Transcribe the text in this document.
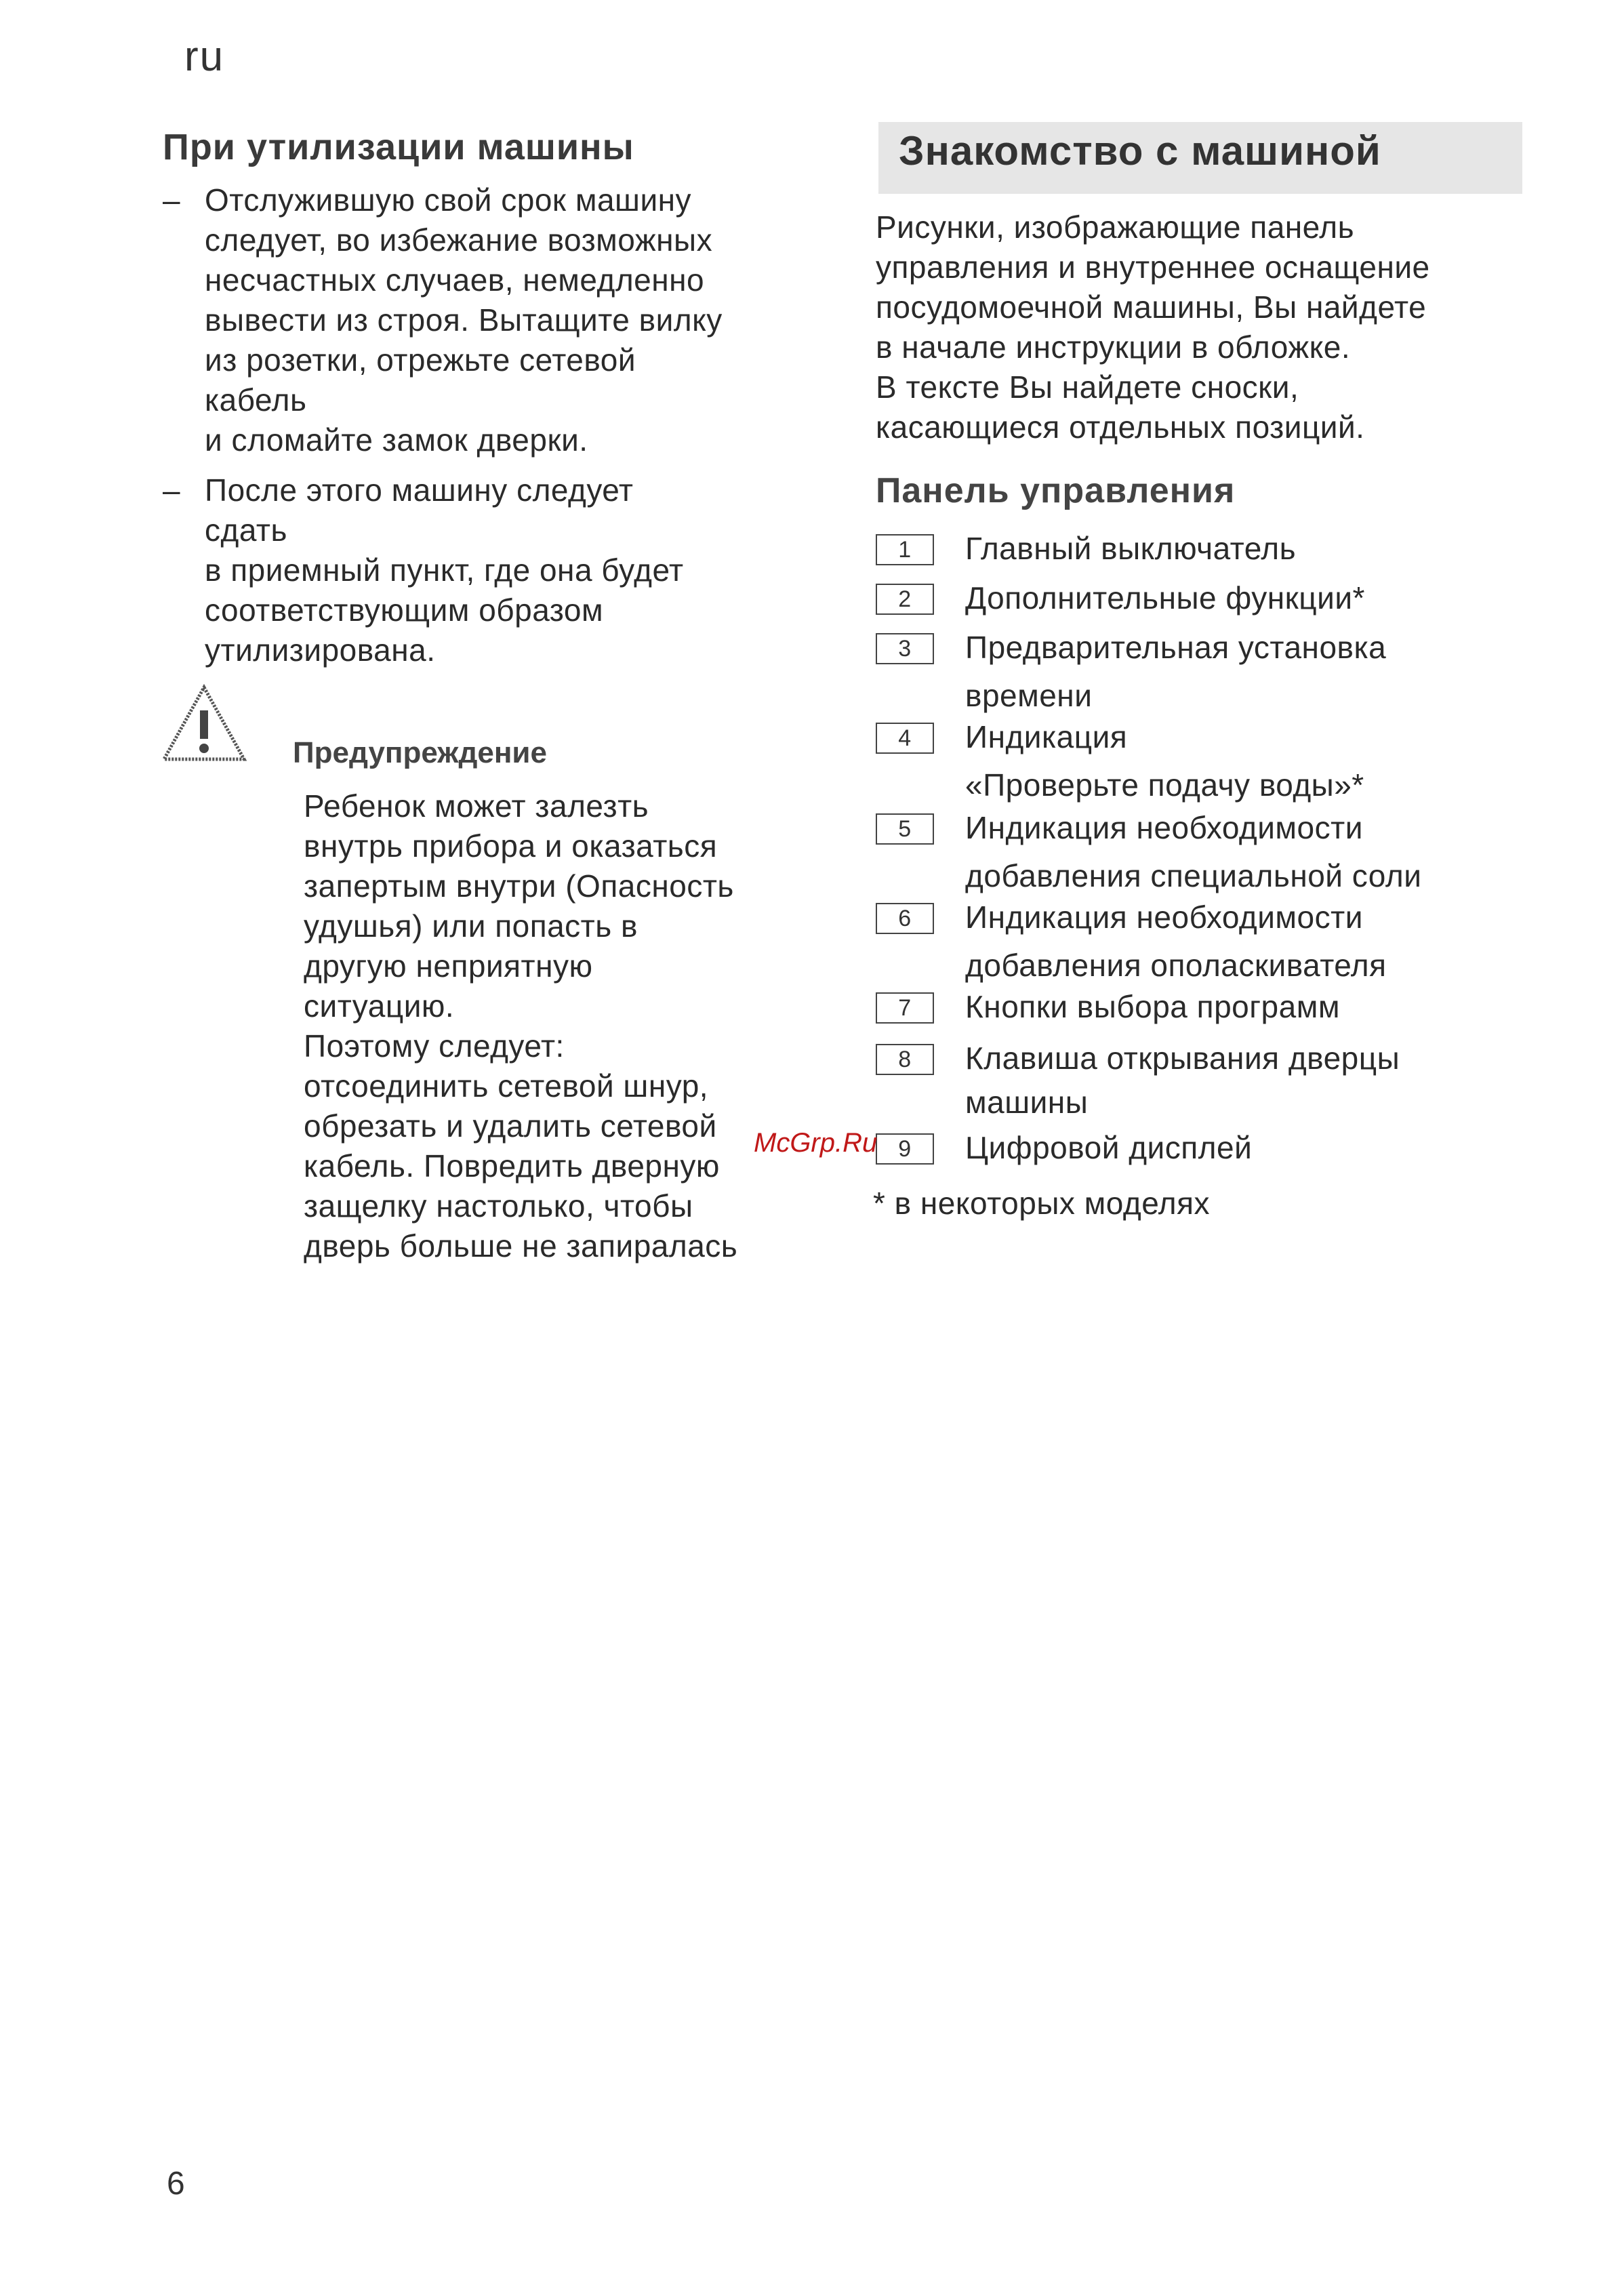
ru
При утилизации машины
– Отслужившую свой срок машину
следует, во избежание возможных
несчастных случаев, немедленно
вывести из строя. Вытащите вилку
из розетки, отрежьте сетевой
кабель
и сломайте замок дверки.
– После этого машину следует
сдать
в приемный пункт, где она будет
соответствующим образом
утилизирована.
Предупреждение
Ребенок может залезть
внутрь прибора и оказаться
запертым внутри (Опасность
удушья) или попасть в
другую неприятную
ситуацию.
Поэтому следует:
отсоединить сетевой шнур,
обрезать и удалить сетевой
кабель. Повредить дверную
защелку настолько, чтобы
дверь больше не запиралась
Знакомство с машиной
Рисунки, изображающие панель
управления и внутреннее оснащение
посудомоечной машины, Вы найдете
в начале инструкции в обложке.
В тексте Вы найдете сноски,
касающиеся отдельных позиций.
Панель управления
1	Главный выключатель
2	Дополнительные функции*
3	Предварительная установка
времени
4	Индикация
«Проверьте подачу воды»*
5	Индикация необходимости
добавления специальной соли
6	Индикация необходимости
добавления ополаскивателя
7	Кнопки выбора программ
8	Клавиша открывания дверцы
машины
9	Цифровой дисплей
* в некоторых моделях
McGrp.Ru
6
